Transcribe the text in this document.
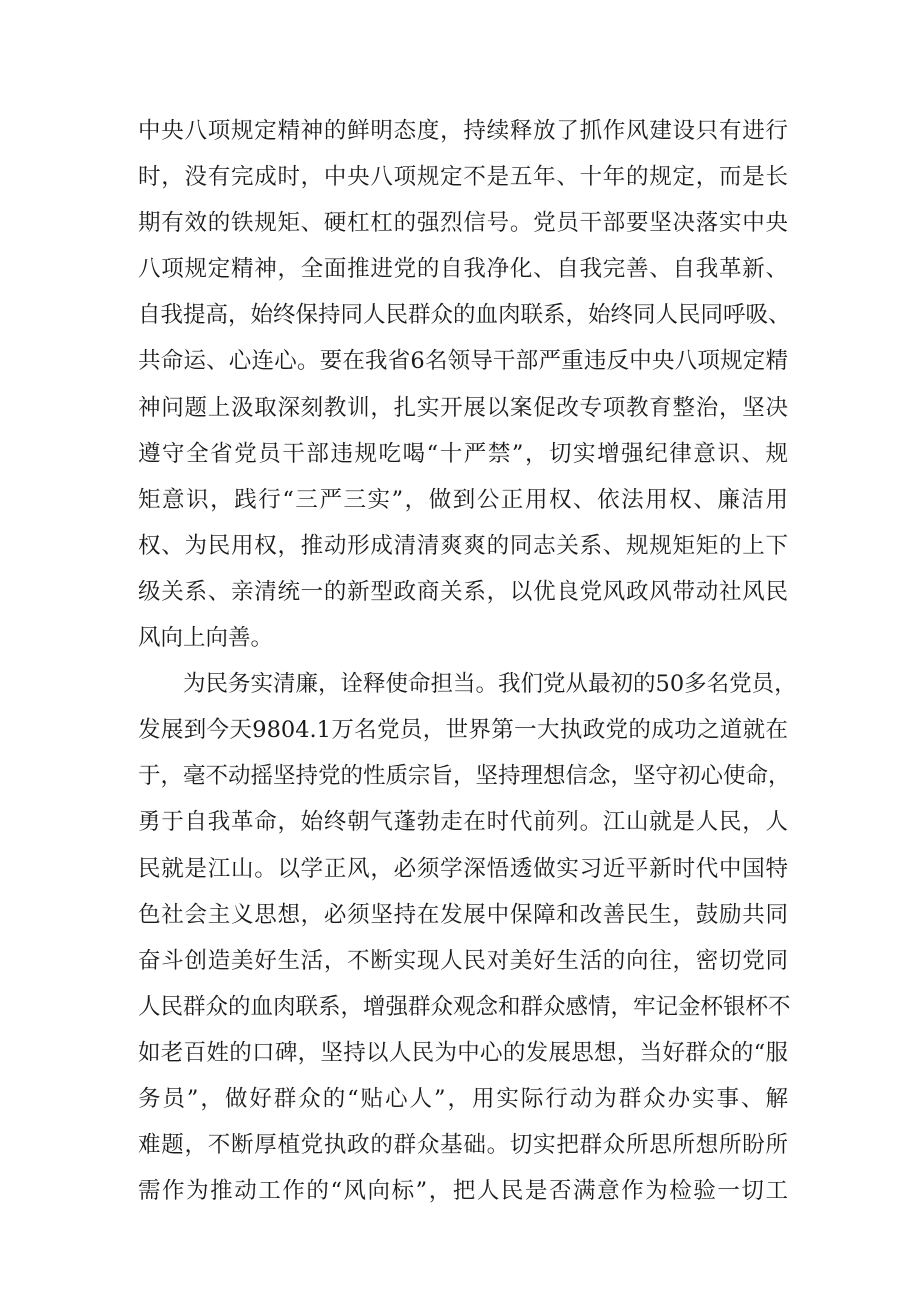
中央八项规定精神的鲜明态度，持续释放了抓作风建设只有进行
时，没有完成时，中央八项规定不是五年、十年的规定，而是长
期有效的铁规矩、硬杠杠的强烈信号。党员干部要坚决落实中央
八项规定精神，全面推进党的自我净化、自我完善、自我革新、
自我提高，始终保持同人民群众的血肉联系，始终同人民同呼吸、
共命运、心连心。要在我省6名领导干部严重违反中央八项规定精
神问题上汲取深刻教训，扎实开展以案促改专项教育整治，坚决
遵守全省党员干部违规吃喝“十严禁”，切实增强纪律意识、规
矩意识，践行“三严三实”，做到公正用权、依法用权、廉洁用
权、为民用权，推动形成清清爽爽的同志关系、规规矩矩的上下
级关系、亲清统一的新型政商关系，以优良党风政风带动社风民
风向上向善。
为民务实清廉，诠释使命担当。我们党从最初的50多名党员，
发展到今天9804.1万名党员，世界第一大执政党的成功之道就在
于，毫不动摇坚持党的性质宗旨，坚持理想信念，坚守初心使命，
勇于自我革命，始终朝气蓬勃走在时代前列。江山就是人民，人
民就是江山。以学正风，必须学深悟透做实习近平新时代中国特
色社会主义思想，必须坚持在发展中保障和改善民生，鼓励共同
奋斗创造美好生活，不断实现人民对美好生活的向往，密切党同
人民群众的血肉联系，增强群众观念和群众感情，牢记金杯银杯不
如老百姓的口碑，坚持以人民为中心的发展思想，当好群众的“服
务员”，做好群众的“贴心人”，用实际行动为群众办实事、解
难题，不断厚植党执政的群众基础。切实把群众所思所想所盼所
需作为推动工作的“风向标”，把人民是否满意作为检验一切工
